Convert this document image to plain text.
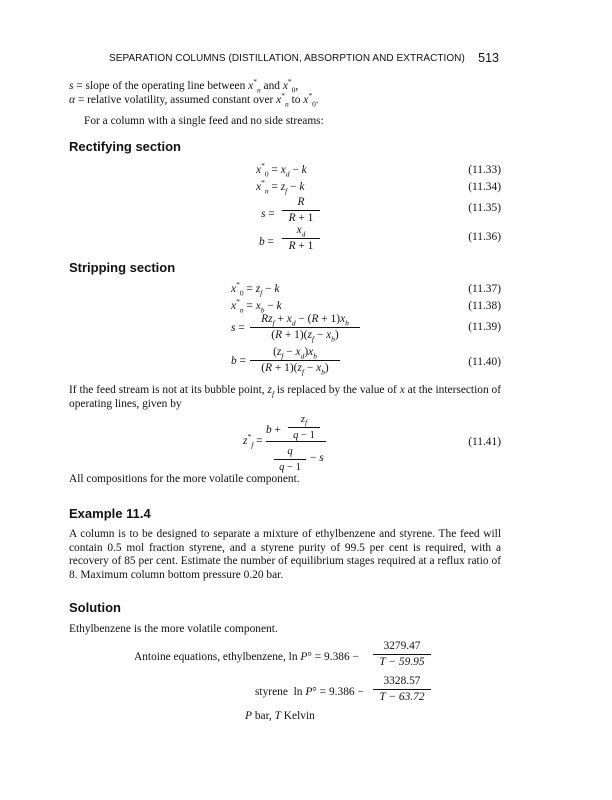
SEPARATION COLUMNS (DISTILLATION, ABSORPTION AND EXTRACTION) 513
s = slope of the operating line between $x^*_n$ and $x^*_0$,
α = relative volatility, assumed constant over $x^*_n$ to $x^*_0$.
For a column with a single feed and no side streams:
Rectifying section
$x^*_0 = x_d - k$	(11.33)
$x^*_n = z_f - k$	(11.34)
s =
R
R + 1
(11.35)
b =
$x_d$
R + 1
(11.36)
Stripping section
$x^*_0 = z_f - k$	(11.37)
$x^*_n = x_b - k$	(11.38)
s =
$Rz_f + x_d - (R + 1)x_b$
$(R + 1)(z_f - x_b)$
(11.39)
b =
$(z_f - x_d)x_b$
$(R + 1)(z_f - x_b)$	(11.40)
If the feed stream is not at its bubble point, $z_f$ is replaced by the value of x at the intersection of operating lines, given by
$z^*_f$ =
b +
$z_f$
q − 1
q
q − 1
− s
(11.41)
All compositions for the more volatile component.
Example 11.4
A column is to be designed to separate a mixture of ethylbenzene and styrene. The feed will contain 0.5 mol fraction styrene, and a styrene purity of 99.5 per cent is required, with a recovery of 85 per cent. Estimate the number of equilibrium stages required at a reflux ratio of 8. Maximum column bottom pressure 0.20 bar.
Solution
Ethylbenzene is the more volatile component.
Antoine equations, ethylbenzene, ln P° = 9.386 −
3279.47
T − 59.95
styrene  ln P° = 9.386 −
3328.57
T − 63.72
P bar, T Kelvin
